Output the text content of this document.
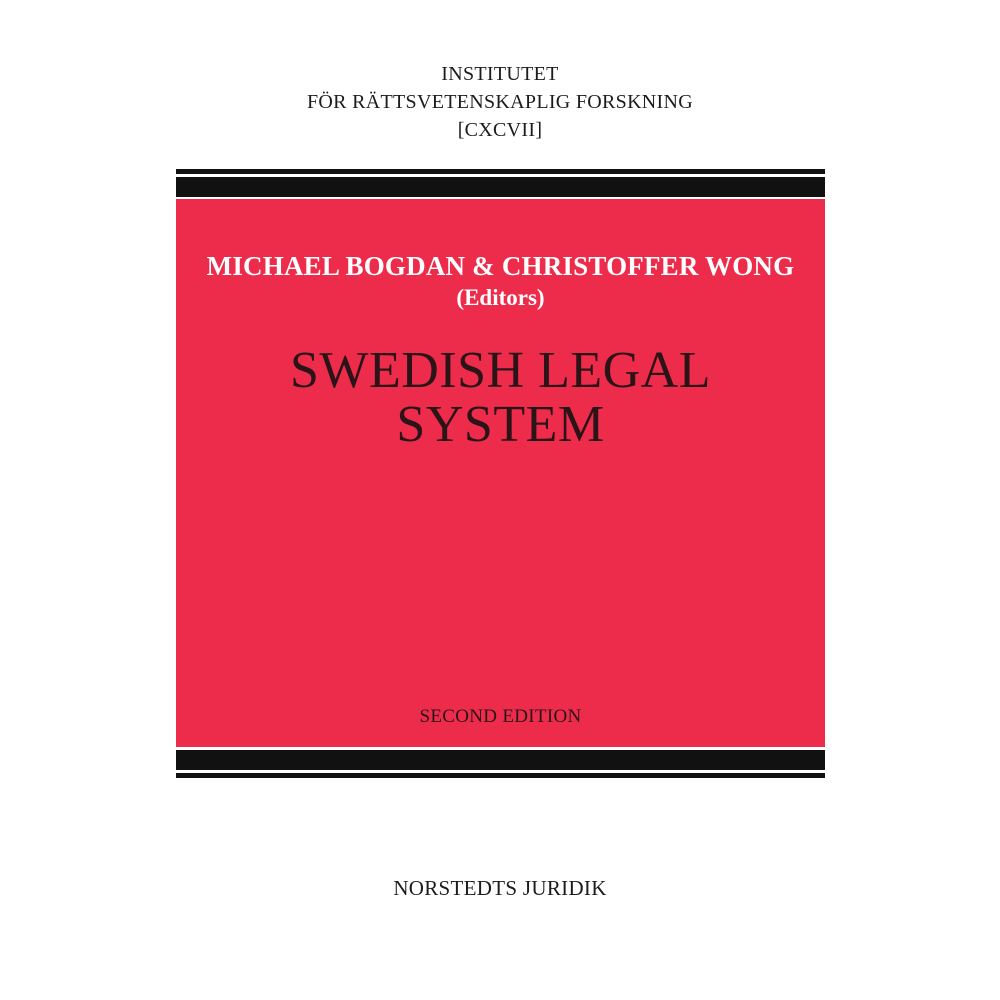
INSTITUTET
FÖR RÄTTSVETENSKAPLIG FORSKNING
[CXCVII]
MICHAEL BOGDAN & CHRISTOFFER WONG
(Editors)
SWEDISH LEGAL
SYSTEM
SECOND EDITION
NORSTEDTS JURIDIK
